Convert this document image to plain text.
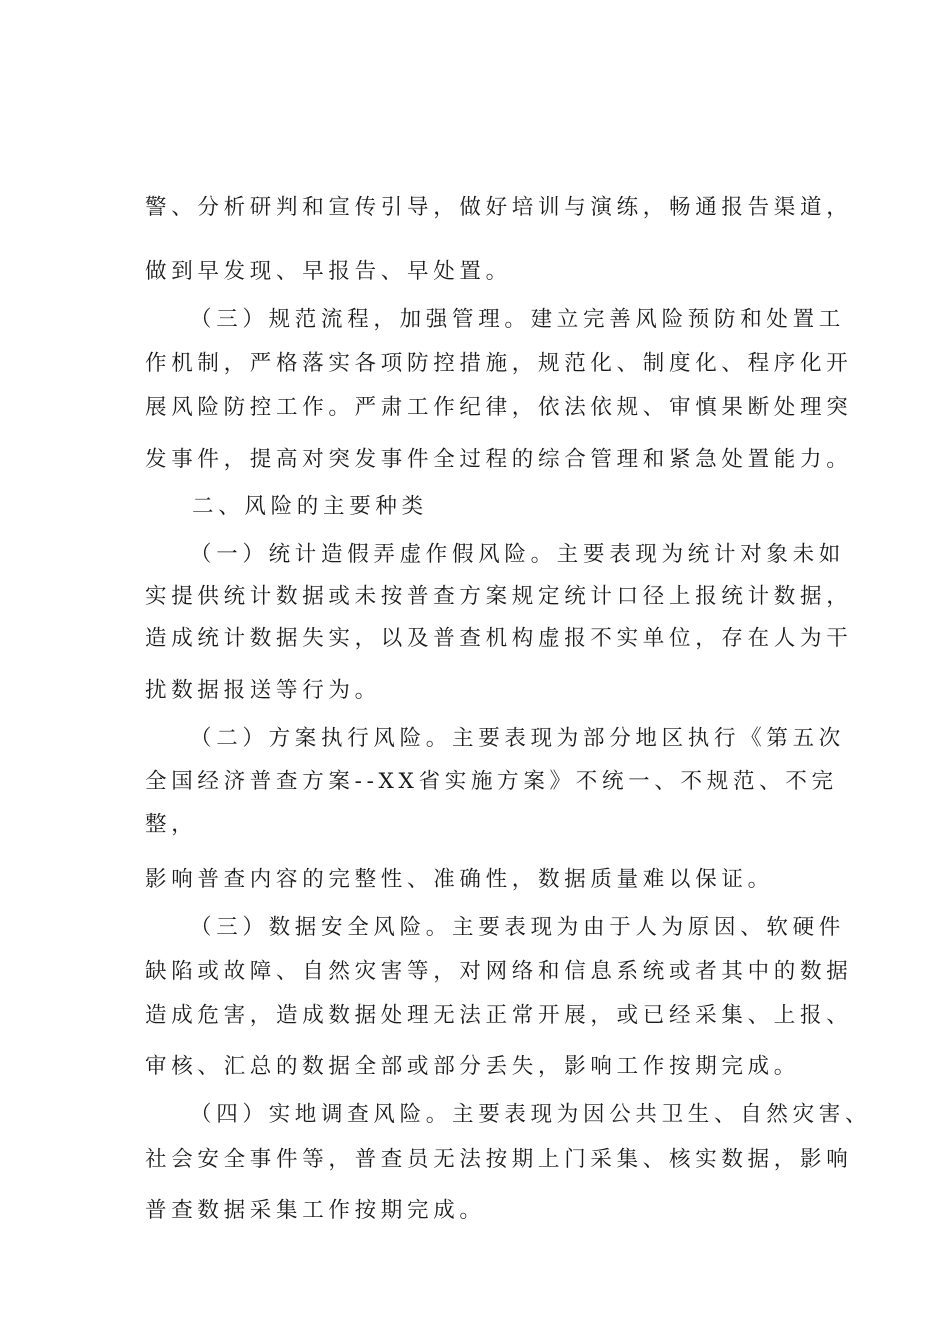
警、分析研判和宣传引导，做好培训与演练，畅通报告渠道，
做到早发现、早报告、早处置。
（三）规范流程，加强管理。建立完善风险预防和处置工
作机制，严格落实各项防控措施，规范化、制度化、程序化开
展风险防控工作。严肃工作纪律，依法依规、审慎果断处理突
发事件，提高对突发事件全过程的综合管理和紧急处置能力。
二、风险的主要种类
（一）统计造假弄虚作假风险。主要表现为统计对象未如
实提供统计数据或未按普查方案规定统计口径上报统计数据，
造成统计数据失实，以及普查机构虚报不实单位，存在人为干
扰数据报送等行为。
（二）方案执行风险。主要表现为部分地区执行《第五次
全国经济普查方案--XX省实施方案》不统一、不规范、不完
整，
影响普查内容的完整性、准确性，数据质量难以保证。
（三）数据安全风险。主要表现为由于人为原因、软硬件
缺陷或故障、自然灾害等，对网络和信息系统或者其中的数据
造成危害，造成数据处理无法正常开展，或已经采集、上报、
审核、汇总的数据全部或部分丢失，影响工作按期完成。
（四）实地调查风险。主要表现为因公共卫生、自然灾害、
社会安全事件等，普查员无法按期上门采集、核实数据，影响
普查数据采集工作按期完成。
